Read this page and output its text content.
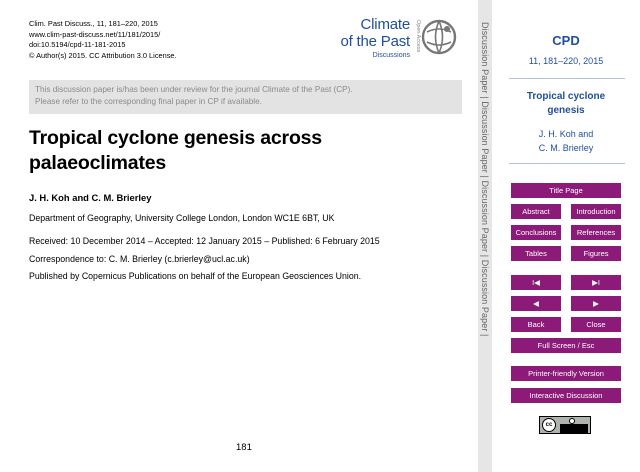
Clim. Past Discuss., 11, 181–220, 2015
www.clim-past-discuss.net/11/181/2015/
doi:10.5194/cpd-11-181-2015
© Author(s) 2015. CC Attribution 3.0 License.
Climate
of the Past
Discussions
Open Access
This discussion paper is/has been under review for the journal Climate of the Past (CP).
Please refer to the corresponding final paper in CP if available.
Tropical cyclone genesis across
palaeoclimates
J. H. Koh and C. M. Brierley
Department of Geography, University College London, London WC1E 6BT, UK
Received: 10 December 2014 – Accepted: 12 January 2015 – Published: 6 February 2015
Correspondence to: C. M. Brierley (c.brierley@ucl.ac.uk)
Published by Copernicus Publications on behalf of the European Geosciences Union.
181
Discussion Paper | Discussion Paper | Discussion Paper | Discussion Paper |	CPD
11, 181–220, 2015
Tropical cyclone
genesis
J. H. Koh and
C. M. Brierley
Title Page
Abstract	Introduction
Conclusions	References
Tables	Figures
I◀	▶I
◀	▶
Back	Close
Full Screen / Esc
Printer-friendly Version
Interactive Discussion
cc
